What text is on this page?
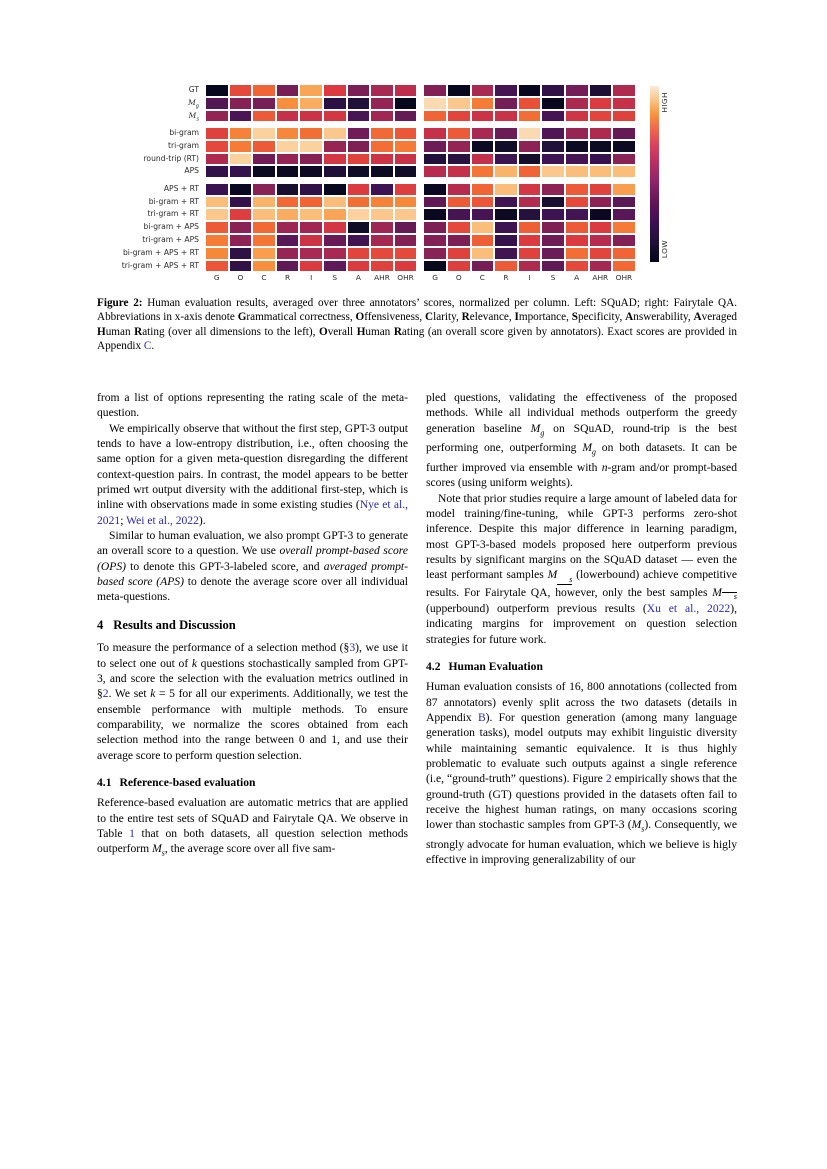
GT
$M_g$
$M_s$
bi-gram
tri-gram
round-trip (RT)
APS
APS + RT
bi-gram + RT
tri-gram + RT
bi-gram + APS
tri-gram + APS
bi-gram + APS + RT
tri-gram + APS + RT
G	O	C	R	I	S	A	AHR	OHR	G	O	C	R	I	S	A	AHR	OHR
HIGH
LOW
Figure 2: Human evaluation results, averaged over three annotators’ scores, normalized per column. Left: SQuAD; right: Fairytale QA. Abbreviations in x-axis denote Grammatical correctness, Offensiveness, Clarity, Relevance, Importance, Specificity, Answerability, Averaged Human Rating (over all dimensions to the left), Overall Human Rating (an overall score given by annotators). Exact scores are provided in Appendix C.

from a list of options representing the rating scale of the meta-question.

We empirically observe that without the first step, GPT-3 output tends to have a low-entropy distribution, i.e., often choosing the same option for a given meta-question disregarding the different context-question pairs. In contrast, the model appears to be better primed wrt output diversity with the additional first-step, which is inline with observations made in some existing studies (Nye et al., 2021; Wei et al., 2022).

Similar to human evaluation, we also prompt GPT-3 to generate an overall score to a question. We use overall prompt-based score (OPS) to denote this GPT-3-labeled score, and averaged prompt-based score (APS) to denote the average score over all individual meta-questions.

4 Results and Discussion

To measure the performance of a selection method (§3), we use it to select one out of k questions stochastically sampled from GPT-3, and score the selection with the evaluation metrics outlined in §2. We set k = 5 for all our experiments. Additionally, we test the ensemble performance with multiple methods. To ensure comparability, we normalize the scores obtained from each selection method into the range between 0 and 1, and use their average score to perform question selection.

4.1 Reference-based evaluation

Reference-based evaluation are automatic metrics that are applied to the entire test sets of SQuAD and Fairytale QA. We observe in Table 1 that on both datasets, all question selection methods outperform $M_s$, the average score over all five sam-

pled questions, validating the effectiveness of the proposed methods. While all individual methods outperform the greedy generation baseline $M_g$ on SQuAD, round-trip is the best performing one, outperforming $M_g$ on both datasets. It can be further improved via ensemble with n-gram and/or prompt-based scores (using uniform weights).

Note that prior studies require a large amount of labeled data for model training/fine-tuning, while GPT-3 performs zero-shot inference. Despite this major difference in learning paradigm, most GPT-3-based models proposed here outperform previous results by significant margins on the SQuAD dataset — even the least performant samples M $_s$ (lowerbound) achieve competitive results. For Fairytale QA, however, only the best samples M $_s$ (upperbound) outperform previous results (Xu et al., 2022), indicating margins for improvement on question selection strategies for future work.

4.2 Human Evaluation

Human evaluation consists of 16, 800 annotations (collected from 87 annotators) evenly split across the two datasets (details in Appendix B). For question generation (among many language generation tasks), model outputs may exhibit linguistic diversity while maintaining semantic equivalence. It is thus highly problematic to evaluate such outputs against a single reference (i.e, “ground-truth” questions). Figure 2 empirically shows that the ground-truth (GT) questions provided in the datasets often fail to receive the highest human ratings, on many occasions scoring lower than stochastic samples from GPT-3 $(M_s)$. Consequently, we strongly advocate for human evaluation, which we believe is higly effective in improving generalizability of our
